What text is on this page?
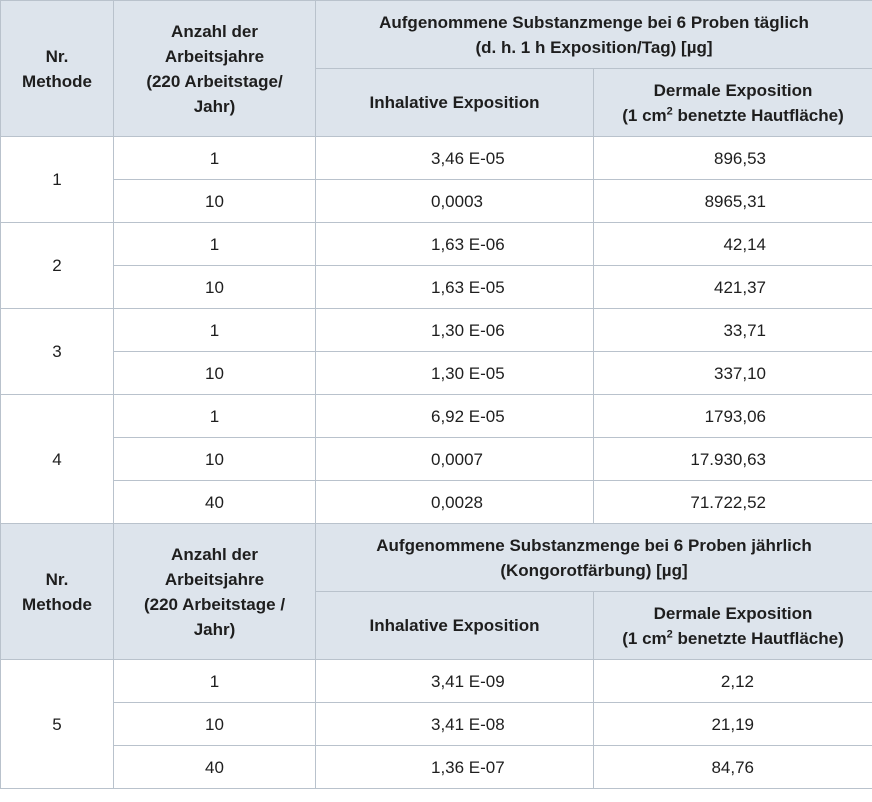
Nr.
Methode	Anzahl der
Arbeitsjahre
(220 Arbeitstage/
Jahr)	Aufgenommene Substanzmenge bei 6 Proben täglich
(d. h. 1 h Exposition/Tag) [µg]	
		Inhalative Exposition	Dermale Exposition
(1 $cm^2$ benetzte Hautfläche)
1	1	3,46 E-05	896,53
	10	0,0003	8965,31
2	1	1,63 E-06	42,14
	10	1,63 E-05	421,37
3	1	1,30 E-06	33,71
	10	1,30 E-05	337,10
4	1	6,92 E-05	1793,06
	10	0,0007	17.930,63
	40	0,0028	71.722,52
Nr.
Methode	Anzahl der
Arbeitsjahre
(220 Arbeitstage /
Jahr)	Aufgenommene Substanzmenge bei 6 Proben jährlich
(Kongorotfärbung) [µg]	
		Inhalative Exposition	Dermale Exposition
(1 $cm^2$ benetzte Hautfläche)
5	1	3,41 E-09	2,12
	10	3,41 E-08	21,19
	40	1,36 E-07	84,76
